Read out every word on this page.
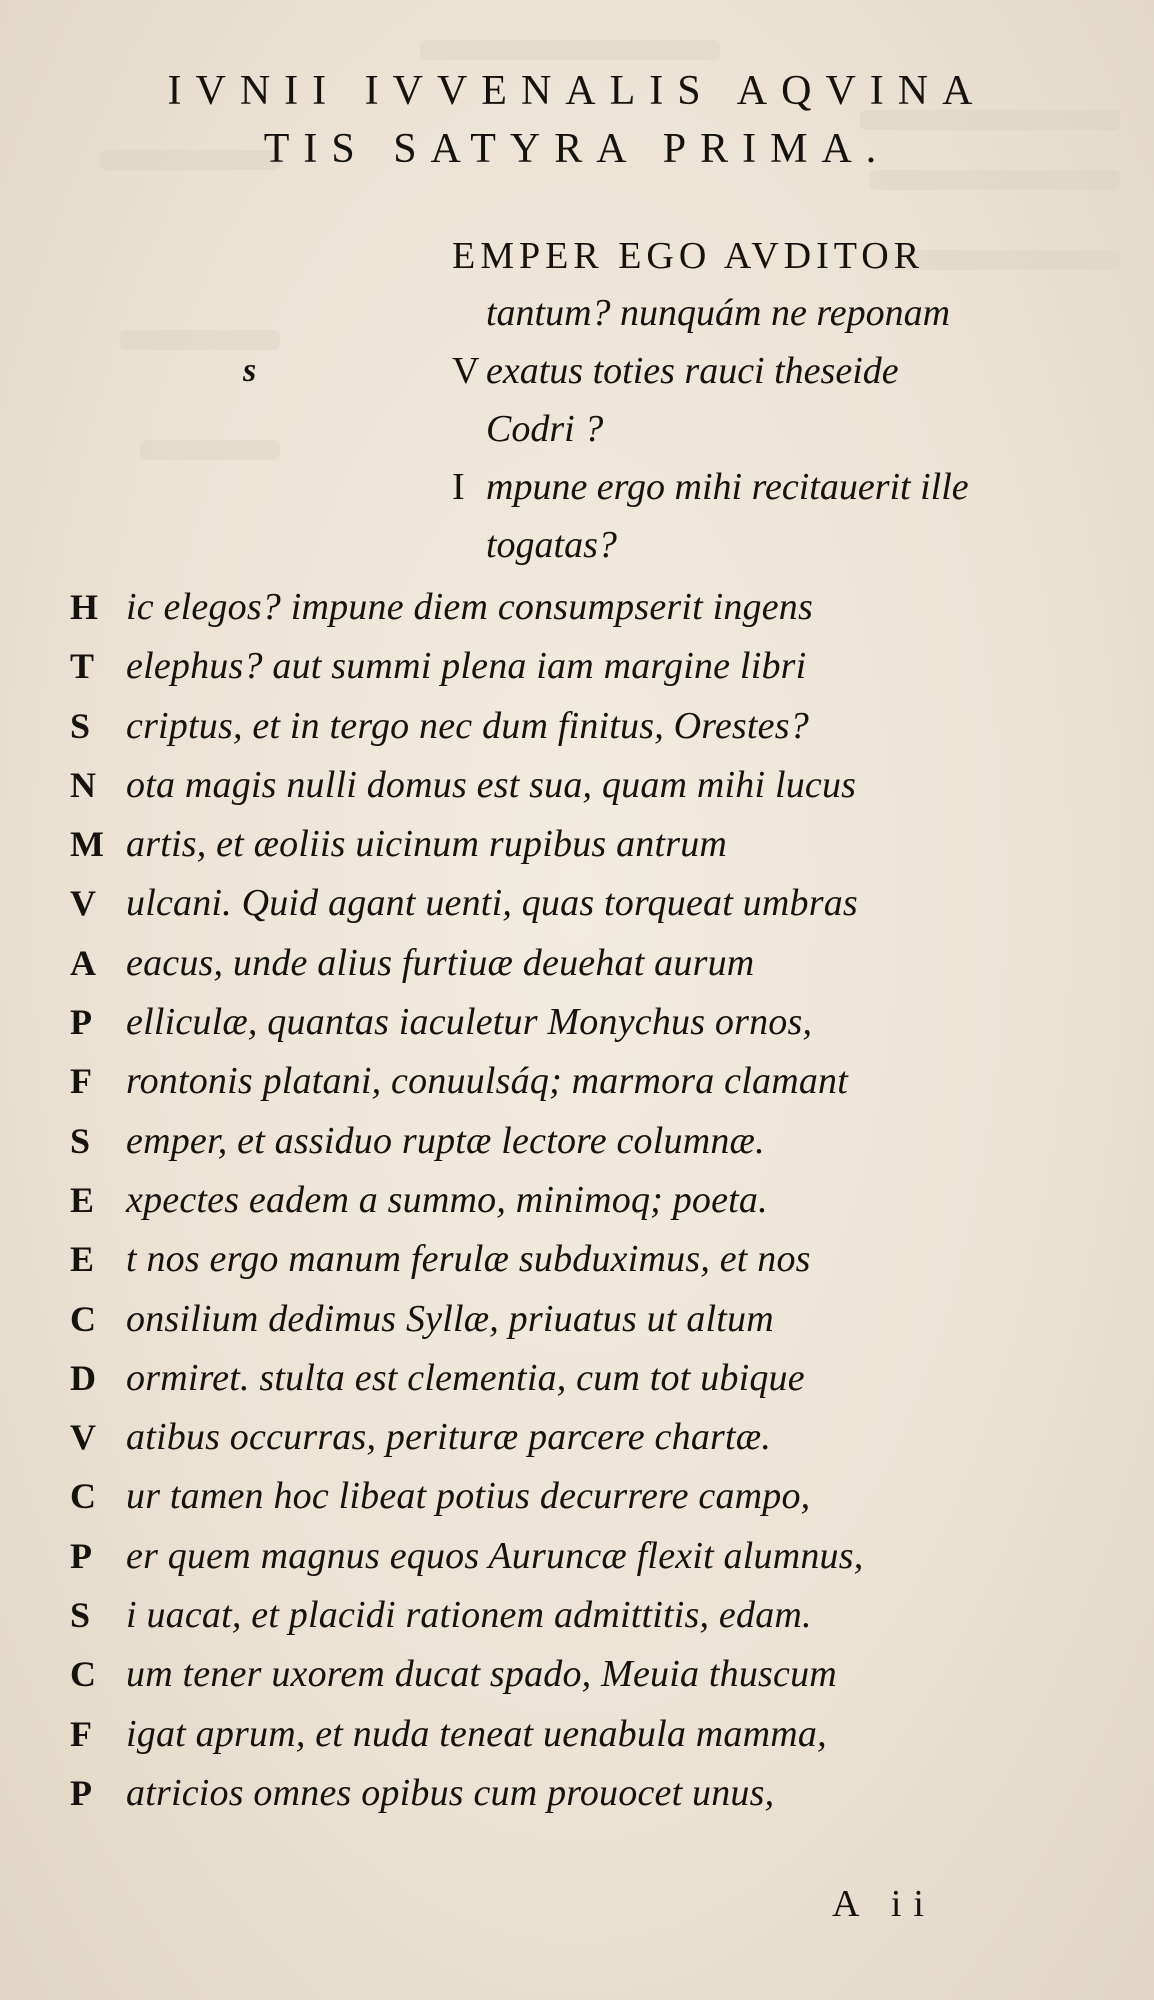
IVNII IVVENALIS AQVINA
TIS SATYRA PRIMA.
s
EMPER EGO AVDITOR
tantum? nunquám ne reponam
V exatus toties rauci theseide
Codri ?
I mpune ergo mihi recitauerit ille
togatas?
H ic elegos? impune diem consumpserit ingens
T elephus? aut summi plena iam margine libri
S criptus, et in tergo nec dum finitus, Orestes?
N ota magis nulli domus est sua, quam mihi lucus
M artis, et æoliis uicinum rupibus antrum
V ulcani. Quid agant uenti, quas torqueat umbras
A eacus, unde alius furtiuæ deuehat aurum
P elliculæ, quantas iaculetur Monychus ornos,
F rontonis platani, conuulsáq; marmora clamant
S emper, et assiduo ruptæ lectore columnæ.
E xpectes eadem a summo, minimoq; poeta.
E t nos ergo manum ferulæ subduximus, et nos
C onsilium dedimus Syllæ, priuatus ut altum
D ormiret. stulta est clementia, cum tot ubique
V atibus occurras, perituræ parcere chartæ.
C ur tamen hoc libeat potius decurrere campo,
P er quem magnus equos Auruncæ flexit alumnus,
S i uacat, et placidi rationem admittitis, edam.
C um tener uxorem ducat spado, Meuia thuscum
F igat aprum, et nuda teneat uenabula mamma,
P atricios omnes opibus cum prouocet unus,
A ii
